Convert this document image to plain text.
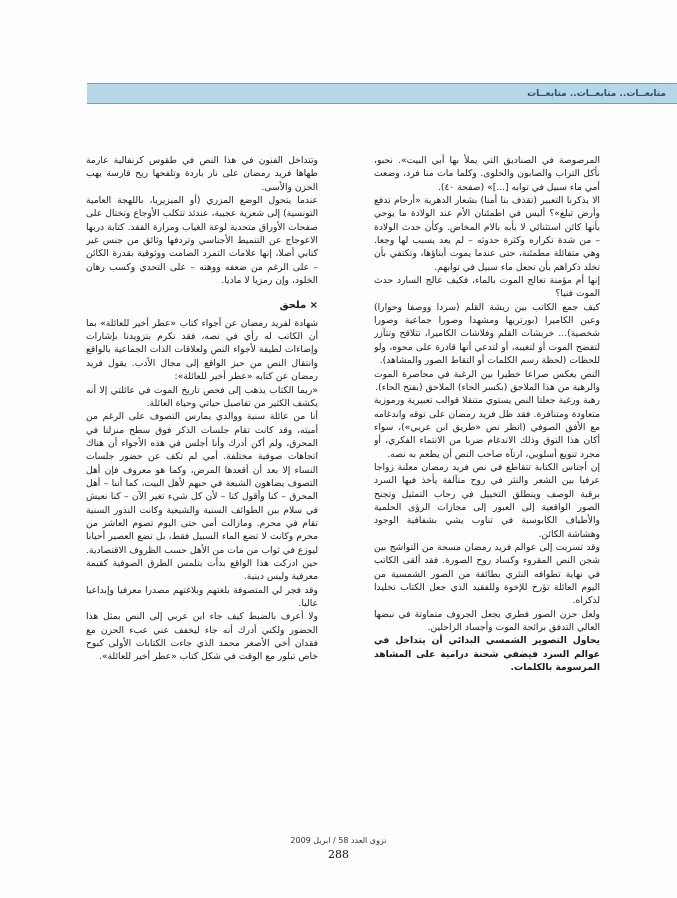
متابعــات.. متابعــات.. متابعــات

المرصوصة في الصناديق التي يملأ بها أبي البيت». نحبو، نأكل التراب والصابون والحلوى. وكلما مات منا فرد، وضعت أمي ماء سبيل في توابه [...]» (صفحة ٤٠).

الا يذكرنا التعبير (تقذف بنا أمنا) بشعار الدهرية «أرحام تدفع وأرض تبلع»؟ أليس في اطمئنان الأم عند الولادة ما يوحي بأنها كائن استثنائي لا يأبه بالام المخاض. وكأن حدث الولادة – من شدة تكراره وكثرة حدوثه – لم يعد يسبب لها وجعا. وهي متفائلة مطمئنة، حتى عندما يموت أبناؤها، وتكتفي بأن تخلد ذكراهم بأن تجعل ماء سبيل في توابهم.

إنها أم مؤمنة تعالج الموت بالماء، فكيف عالج السارد حدث الموت فنيا؟

كيف جمع الكاتب بين ريشة القلم (سردا ووصفا وحوارا) وعين الكاميرا (بورتريها ومشهدا وصورا جماعية وصورا شخصية)... خربشات القلم وفلاشات الكاميرا، تتلاقح وتتآزر لتفضح الموت أو لتغيبه، أو لتدعي أنها قادرة على محوه، ولو للحظات (لحظة رسم الكلمات أو التقاط الصور والمشاهد).

النص يعكس صراعا خطيرا بين الرغبة في محاصرة الموت والرهبة من هذا الملاحق (بكسر الحاء) الملاحق (بفتح الحاء).

رهبة ورغبة جعلتا النص يستوي متنقلا قوالب تعبيرية ورموزية متعاودة ومتنافرة. فقد ظل فريد رمضان على توقه واندغامه مع الأفق الصوفي (انظر نص «طريق ابن عربي»)، سواء أكان هذا التوق وذلك الاندغام ضربا من الانتماء الفكري، أو مجرد تنويع أسلوبي، ارتآه صاحب النص أن يطعم به نصه.

إن أجناس الكتابة تتقاطع في نص فريد رمضان معلنة زواجا عرفيا بين الشعر والنثر في روح متآلفة يأخذ فيها السرد برقبة الوصف وينطلق التخييل في رحاب التمثيل وتجنح الصور الواقعية إلى العبور إلى مجازات الرؤى الحلمية والأطياف الكابوسية في تناوب يشي بشفافية الوجود وهشاشة الكائن.

وقد تسربت إلى عوالم فريد رمضان مسحة من التواشج بين شجن النص المقروء وكساد روح الصورة. فقد ألقى الكاتب في نهاية تطوافه النثري بطائفة من الصور الشمسية من اليوم العائلة تؤرخ للإخوة وللفقيد الذي جعل الكتاب تخليدا لذكراه.

ولعل حزن الصور فطري يجعل الجروف متماوتة في نبضها العالي التدفق برائحة الموت وأجساد الراحلين.

يحاول التصوير الشمسي البدائي أن يتداخل في عوالم السرد فيضفي شحنة درامية على المشاهد المرسومة بالكلمات.

وتتداخل الفنون في هذا النص في طقوس كرنفالية عارمة طهاها فريد رمضان على نار باردة وتلفحها ريح قارسة يهب الحزن والأسى.

عندما يتحول الوضع المزري (أو الميزيريا، باللهجة العامية التونسية) إلى شعرية عجيبة، عندئذ تتكلب الأوجاع وتختال على صفحات الأوراق متحدية لوعة الغياب ومرارة الفقد. كتابة دربها الاعوجاج عن التنميط الأجناسي وتردفها وثائق من جنس غير كتابي أصلا، إنها علامات التمرد الصامت ووثوقية بقدرة الكائن – على الرغم من ضعفه ووهنه – على التحدي وكسب رهان الخلود، وإن رمزيا لا ماديا.

× ملحق

شهادة لفريد رمضان عن أجواء كتاب «عطر أخير للعائلة» بما أن الكاتب له رأي في نصه، فقد تكرم بتزويدنا بإشارات وإضاءات لطيفة لأجواء النص ولعلاقات الذات الجماعية بالواقع وانتقال النص من حيز الواقع إلى مجال الأدب. يقول فريد رمضان عن كتابه «عطر أخير للعائلة»:

«ربما الكتاب يذهب إلى فحص تاريخ الموت في عائلتي إلا أنه يكشف الكثير من تفاصيل حياتي وحياة العائلة.

أنا من عائلة سنية ووالدي يمارس التصوف على الرغم من أميته، وقد كانت تقام جلسات الذكر فوق سطح منزلنا في المحرق، ولم أكن أدرك وأنا أجلس في هذه الأجواء أن هناك اتجاهات صوفية مختلفة. أمي لم تكف عن حضور جلسات النساء إلا بعد أن أقعدها المرض، وكما هو معروف فإن أهل التصوف يضاهون الشيعة في حبهم لأهل البيت، كما أننا – أهل المحرق – كنا وأقول كنا – لأن كل شيء تغير الآن – كنا نعيش في سلام بين الطوائف السنية والشيعية وكانت النذور السنية تقام في محرم. ومازالت أمي حتى اليوم تصوم العاشر من محرم وكانت لا تضع الماء السبيل فقط، بل تضع العصير أحيانا ليوزع في ثواب من مات من الأهل حسب الظروف الاقتصادية.

حين ادركت هذا الواقع بدأت بتلمس الطرق الصوفية كقيمة معرفية وليس دينية.

وقد فجر لي المتصوفة بلغتهم وبلاغتهم مصدرا معرفيا وإبداعيا عاليا.

ولا أعرف بالضبط كيف جاء ابن عربي إلى النص بمثل هذا الحضور ولكني أدرك أنه جاء ليخفف عني عبء الحزن مع فقدان أخي الأصغر محمد الذي جاءت الكتابات الأولى كبوح خاص تبلور مع الوقت في شكل كتاب «عطر أخير للعائلة».

نزوى العدد 58 / ابريل 2009
288
